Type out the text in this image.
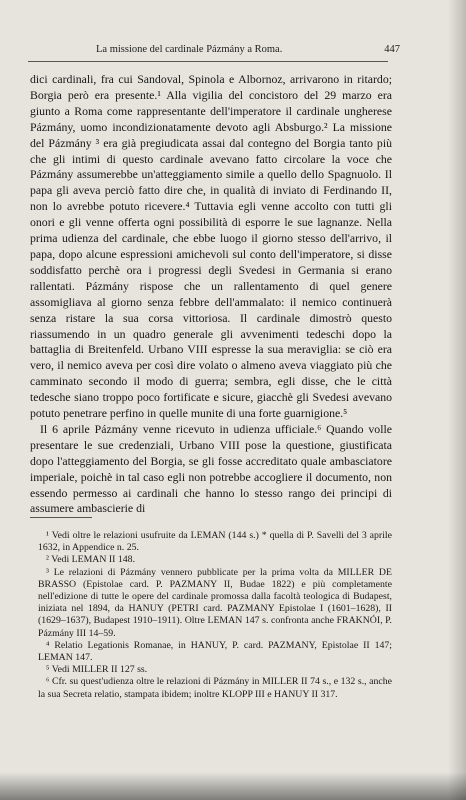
La missione del cardinale Pázmány a Roma.	447

dici cardinali, fra cui Sandoval, Spinola e Albornoz, arrivarono in ritardo; Borgia però era presente.¹ Alla vigilia del concistoro del 29 marzo era giunto a Roma come rappresentante dell'imperatore il cardinale ungherese Pázmány, uomo incondizionatamente devoto agli Absburgo.² La missione del Pázmány ³ era già pregiudicata assai dal contegno del Borgia tanto più che gli intimi di questo cardinale avevano fatto circolare la voce che Pázmány assumerebbe un'atteggiamento simile a quello dello Spagnuolo. Il papa gli aveva perciò fatto dire che, in qualità di inviato di Ferdinando II, non lo avrebbe potuto ricevere.⁴ Tuttavia egli venne accolto con tutti gli onori e gli venne offerta ogni possibilità di esporre le sue lagnanze. Nella prima udienza del cardinale, che ebbe luogo il giorno stesso dell'arrivo, il papa, dopo alcune espressioni amichevoli sul conto dell'imperatore, si disse soddisfatto perchè ora i progressi degli Svedesi in Germania si erano rallentati. Pázmány rispose che un rallentamento di quel genere assomigliava al giorno senza febbre dell'ammalato: il nemico continuerà senza ristare la sua corsa vittoriosa. Il cardinale dimostrò questo riassumendo in un quadro generale gli avvenimenti tedeschi dopo la battaglia di Breitenfeld. Urbano VIII espresse la sua meraviglia: se ciò era vero, il nemico aveva per così dire volato o almeno aveva viaggiato più che camminato secondo il modo di guerra; sembra, egli disse, che le città tedesche siano troppo poco fortificate e sicure, giacchè gli Svedesi avevano potuto penetrare perfino in quelle munite di una forte guarnigione.⁵

Il 6 aprile Pázmány venne ricevuto in udienza ufficiale.⁶ Quando volle presentare le sue credenziali, Urbano VIII pose la questione, giustificata dopo l'atteggiamento del Borgia, se gli fosse accreditato quale ambasciatore imperiale, poichè in tal caso egli non potrebbe accogliere il documento, non essendo permesso ai cardinali che hanno lo stesso rango dei principi di assumere ambascierie di

¹ Vedi oltre le relazioni usufruite da LEMAN (144 s.) * quella di P. Savelli del 3 aprile 1632, in Appendice n. 25.

² Vedi LEMAN II 148.

³ Le relazioni di Pázmány vennero pubblicate per la prima volta da MILLER DE BRASSO (Epistolae card. P. PAZMANY II, Budae 1822) e più completamente nell'edizione di tutte le opere del cardinale promossa dalla facoltà teologica di Budapest, iniziata nel 1894, da HANUY (PETRI card. PAZMANY Epistolae I (1601–1628), II (1629–1637), Budapest 1910–1911). Oltre LEMAN 147 s. confronta anche FRAKNÓI, P. Pázmány III 14–59.

⁴ Relatio Legationis Romanae, in HANUY, P. card. PAZMANY, Epistolae II 147; LEMAN 147.

⁵ Vedi MILLER II 127 ss.

⁶ Cfr. su quest'udienza oltre le relazioni di Pázmány in MILLER II 74 s., e 132 s., anche la sua Secreta relatio, stampata ibidem; inoltre KLOPP III e HANUY II 317.
